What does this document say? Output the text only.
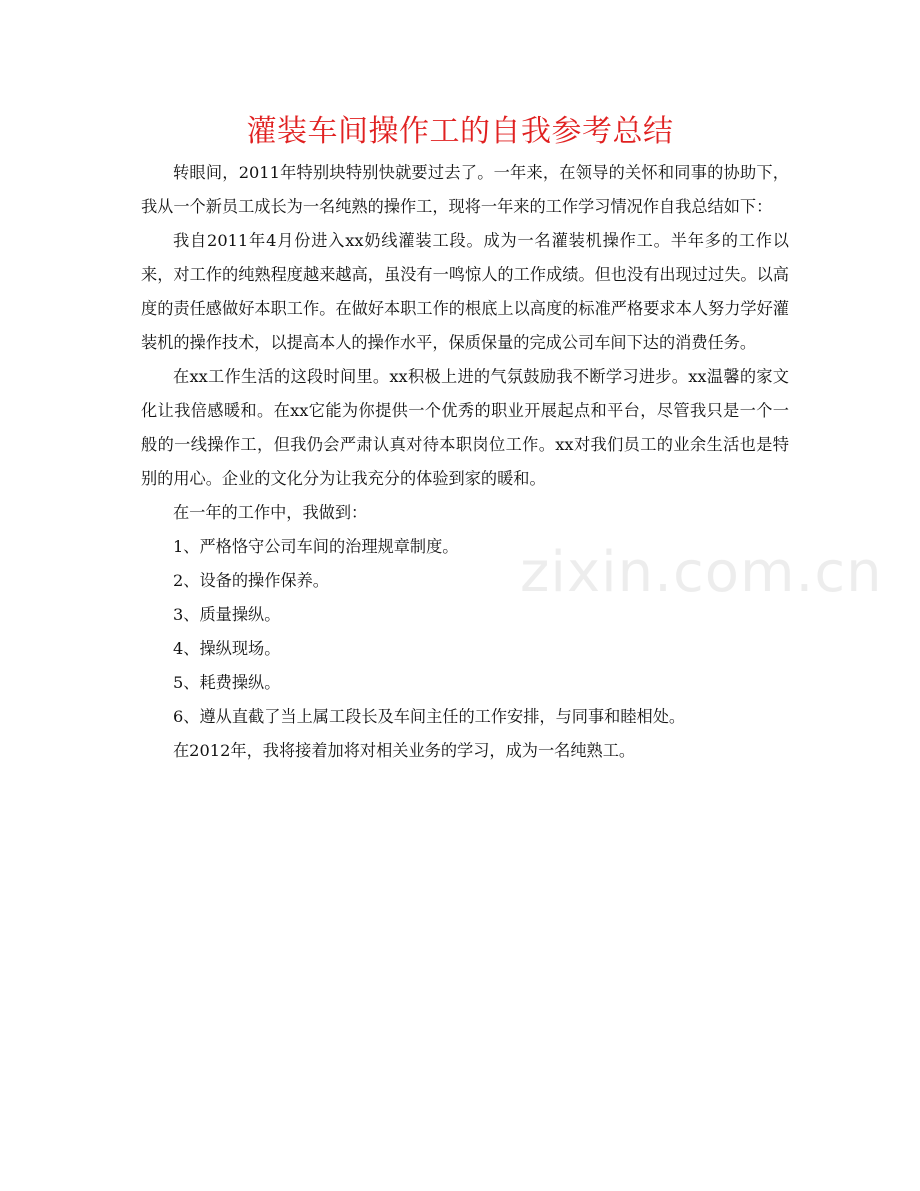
灌装车间操作工的自我参考总结

转眼间，2011年特别块特别快就要过去了。一年来，在领导的关怀和同事的协助下，我从一个新员工成长为一名纯熟的操作工，现将一年来的工作学习情况作自我总结如下：

我自2011年4月份进入xx奶线灌装工段。成为一名灌装机操作工。半年多的工作以来，对工作的纯熟程度越来越高，虽没有一鸣惊人的工作成绩。但也没有出现过过失。以高度的责任感做好本职工作。在做好本职工作的根底上以高度的标准严格要求本人努力学好灌装机的操作技术，以提高本人的操作水平，保质保量的完成公司车间下达的消费任务。

在xx工作生活的这段时间里。xx积极上进的气氛鼓励我不断学习进步。xx温馨的家文化让我倍感暖和。在xx它能为你提供一个优秀的职业开展起点和平台，尽管我只是一个一般的一线操作工，但我仍会严肃认真对待本职岗位工作。xx对我们员工的业余生活也是特别的用心。企业的文化分为让我充分的体验到家的暖和。

在一年的工作中，我做到：

1、严格恪守公司车间的治理规章制度。

2、设备的操作保养。

3、质量操纵。

4、操纵现场。

5、耗费操纵。

6、遵从直截了当上属工段长及车间主任的工作安排，与同事和睦相处。

在2012年，我将接着加将对相关业务的学习，成为一名纯熟工。

zixin.com.cn
